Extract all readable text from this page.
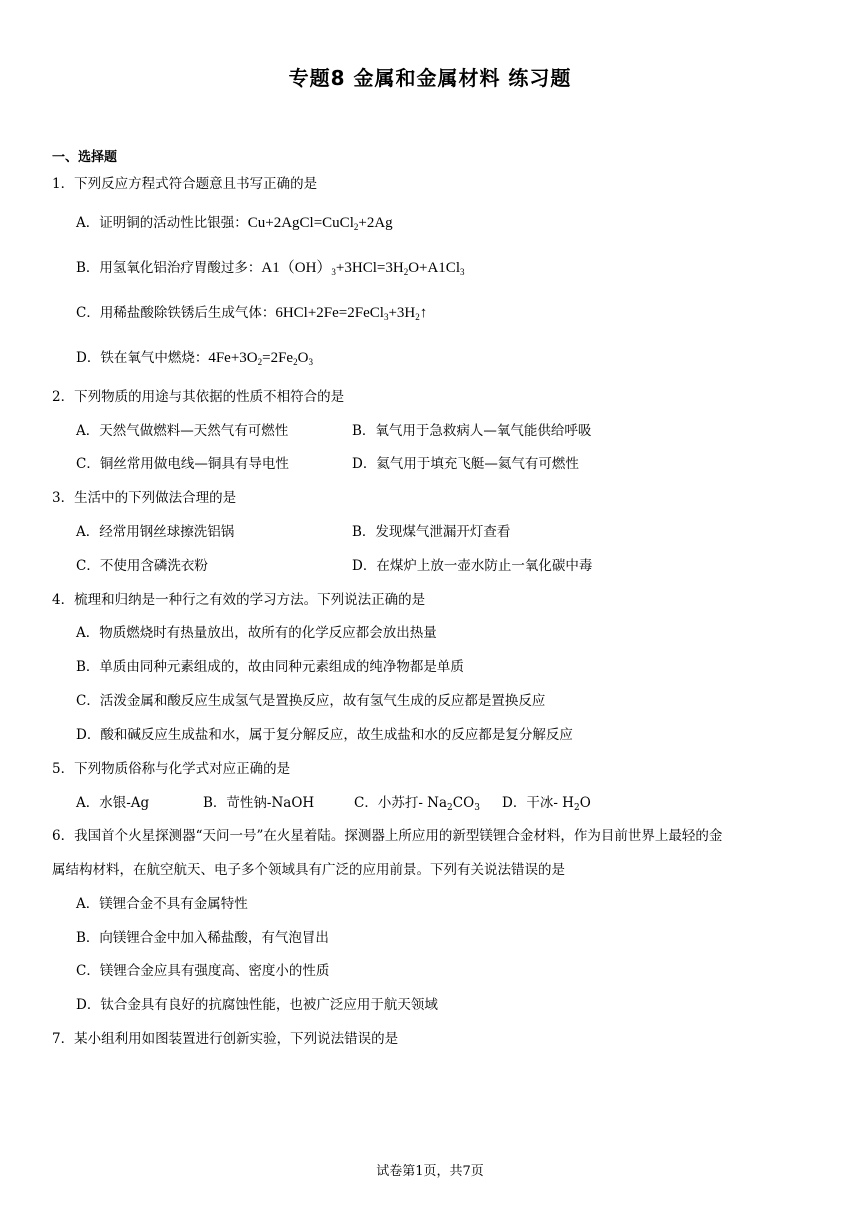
专题8 金属和金属材料 练习题
一、选择题
1．下列反应方程式符合题意且书写正确的是
A．证明铜的活动性比银强：Cu+2AgCl=CuCl$_2$+2Ag
B．用氢氧化铝治疗胃酸过多：$A1(OH)_3+3HCl=3H_2O+A1Cl_3$
C．用稀盐酸除铁锈后生成气体：$6HCl+2Fe=2FeCl_3+3H_2↑$
D．铁在氧气中燃烧：$4Fe+3O_2=2Fe_2O_3$
2．下列物质的用途与其依据的性质不相符合的是
A．天然气做燃料—天然气有可燃性	B．氧气用于急救病人—氧气能供给呼吸
C．铜丝常用做电线—铜具有导电性	D．氦气用于填充飞艇—氦气有可燃性
3．生活中的下列做法合理的是
A．经常用钢丝球擦洗铝锅	B．发现煤气泄漏开灯查看
C．不使用含磷洗衣粉	D．在煤炉上放一壶水防止一氧化碳中毒
4．梳理和归纳是一种行之有效的学习方法。下列说法正确的是
A．物质燃烧时有热量放出，故所有的化学反应都会放出热量
B．单质由同种元素组成的，故由同种元素组成的纯净物都是单质
C．活泼金属和酸反应生成氢气是置换反应，故有氢气生成的反应都是置换反应
D．酸和碱反应生成盐和水，属于复分解反应，故生成盐和水的反应都是复分解反应
5．下列物质俗称与化学式对应正确的是
A．水银-Ag	B．苛性钠-NaOH	C．小苏打- $Na_2CO_3$ D．干冰- $H_2O$
6．我国首个火星探测器“天问一号”在火星着陆。探测器上所应用的新型镁锂合金材料，作为目前世界上最轻的金
属结构材料，在航空航天、电子多个领域具有广泛的应用前景。下列有关说法错误的是
A．镁锂合金不具有金属特性
B．向镁锂合金中加入稀盐酸，有气泡冒出
C．镁锂合金应具有强度高、密度小的性质
D．钛合金具有良好的抗腐蚀性能，也被广泛应用于航天领域
7．某小组利用如图装置进行创新实验，下列说法错误的是
试卷第1页，共7页
